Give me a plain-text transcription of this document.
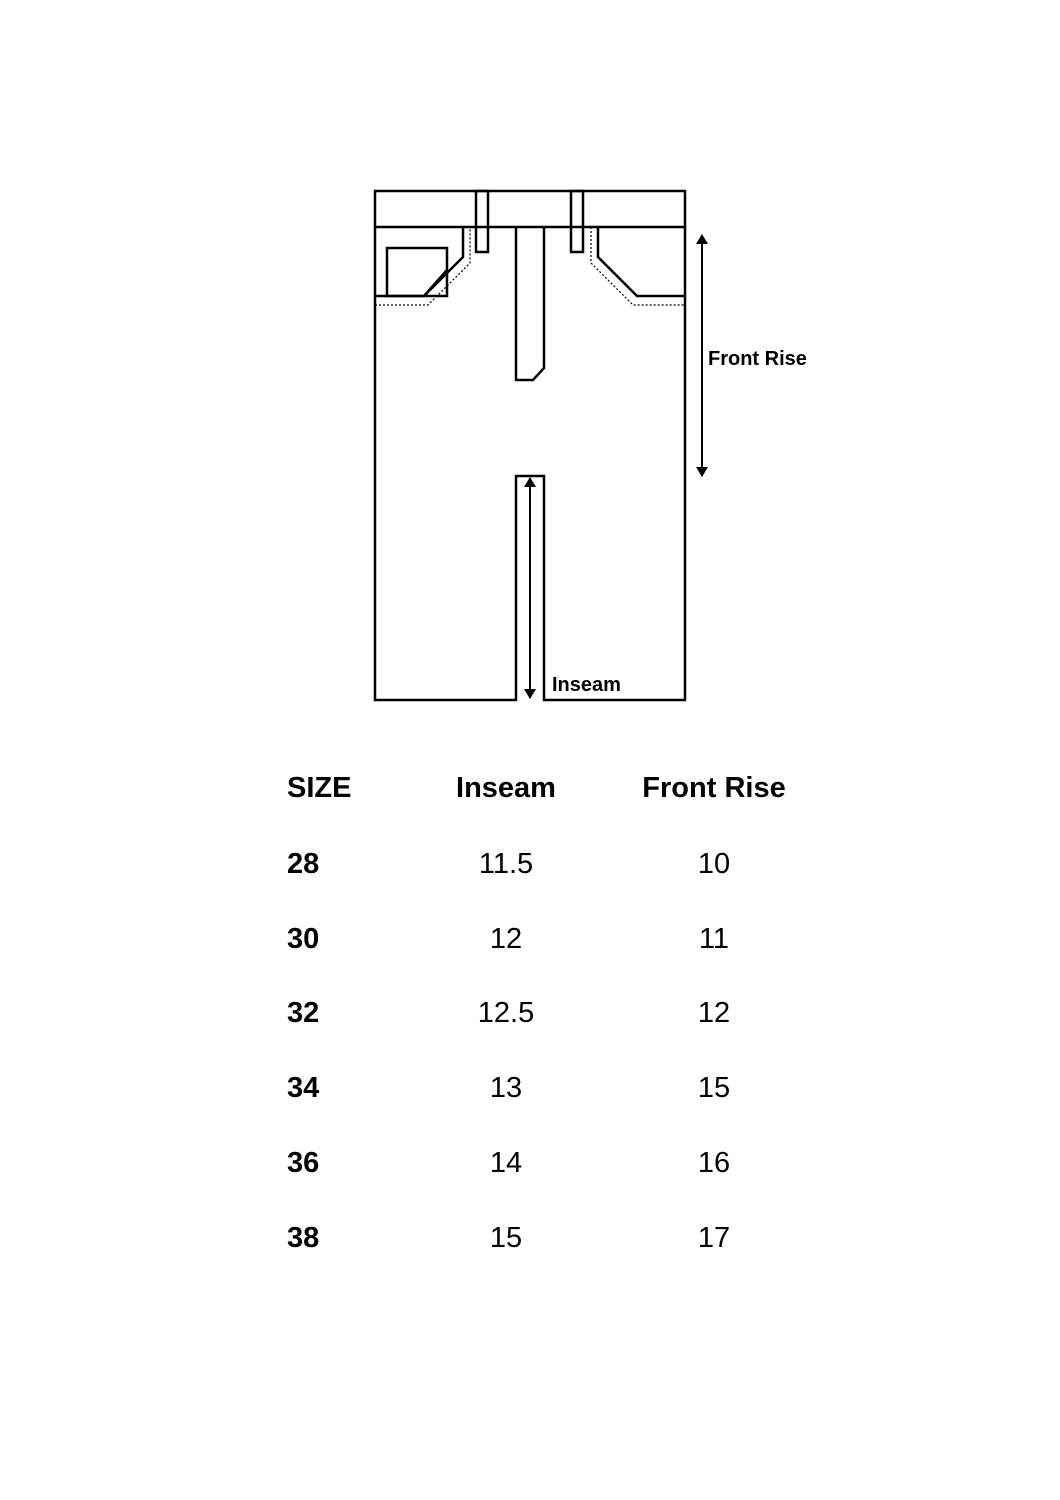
Front Rise
Inseam
SIZE	Inseam	Front Rise
28	11.5	10
30	12	11
32	12.5	12
34	13	15
36	14	16
38	15	17
